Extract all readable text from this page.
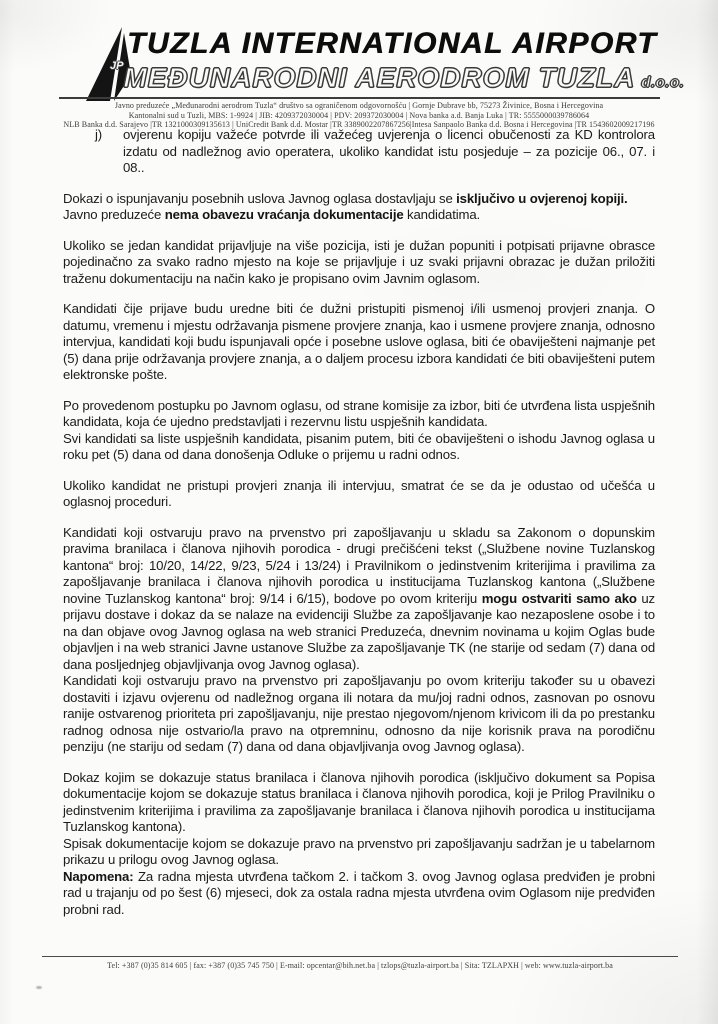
TUZLA INTERNATIONAL AIRPORT
$^{JP}$MEĐUNARODNI AERODROM TUZLA d.o.o.
Javno preduzeće „Međunarodni aerodrom Tuzla“ društvo sa ograničenom odgovornošću | Gornje Dubrave bb, 75273 Živinice, Bosna i Hercegovina
Kantonalni sud u Tuzli, MBS: 1-9924 | JIB: 4209372030004 | PDV: 209372030004 | Nova banka a.d. Banja Luka | TR: 5555000039786064
NLB Banka d.d. Sarajevo |TR 1321000309135613 | UniCredit Bank d.d. Mostar |TR 3389002207867256|Intesa Sanpaolo Banka d.d. Bosna i Hercegovina |TR 1543602009217196
j)	ovjerenu kopiju važeće potvrde ili važećeg uvjerenja o licenci obučenosti za KD kontrolora izdatu od nadležnog avio operatera, ukoliko kandidat istu posjeduje – za pozicije 06., 07. i 08..
Dokazi o ispunjavanju posebnih uslova Javnog oglasa dostavljaju se isključivo u ovjerenoj kopiji.
Javno preduzeće nema obavezu vraćanja dokumentacije kandidatima.
Ukoliko se jedan kandidat prijavljuje na više pozicija, isti je dužan popuniti i potpisati prijavne obrasce pojedinačno za svako radno mjesto na koje se prijavljuje i uz svaki prijavni obrazac je dužan priložiti traženu dokumentaciju na način kako je propisano ovim Javnim oglasom.
Kandidati čije prijave budu uredne biti će dužni pristupiti pismenoj i/ili usmenoj provjeri znanja. O datumu, vremenu i mjestu održavanja pismene provjere znanja, kao i usmene provjere znanja, odnosno intervjua, kandidati koji budu ispunjavali opće i posebne uslove oglasa, biti će obaviješteni najmanje pet (5) dana prije održavanja provjere znanja, a o daljem procesu izbora kandidati će biti obaviješteni putem elektronske pošte.
Po provedenom postupku po Javnom oglasu, od strane komisije za izbor, biti će utvrđena lista uspješnih kandidata, koja će ujedno predstavljati i rezervnu listu uspješnih kandidata.
Svi kandidati sa liste uspješnih kandidata, pisanim putem, biti će obaviješteni o ishodu Javnog oglasa u roku pet (5) dana od dana donošenja Odluke o prijemu u radni odnos.
Ukoliko kandidat ne pristupi provjeri znanja ili intervjuu, smatrat će se da je odustao od učešća u oglasnoj proceduri.
Kandidati koji ostvaruju pravo na prvenstvo pri zapošljavanju u skladu sa Zakonom o dopunskim pravima branilaca i članova njihovih porodica - drugi prečišćeni tekst („Službene novine Tuzlanskog kantona“ broj: 10/20, 14/22, 9/23, 5/24 i 13/24) i Pravilnikom o jedinstvenim kriterijima i pravilima za zapošljavanje branilaca i članova njihovih porodica u institucijama Tuzlanskog kantona („Službene novine Tuzlanskog kantona“ broj: 9/14 i 6/15), bodove po ovom kriteriju mogu ostvariti samo ako uz prijavu dostave i dokaz da se nalaze na evidenciji Službe za zapošljavanje kao nezaposlene osobe i to na dan objave ovog Javnog oglasa na web stranici Preduzeća, dnevnim novinama u kojim Oglas bude objavljen i na web stranici Javne ustanove Službe za zapošljavanje TK (ne starije od sedam (7) dana od dana posljednjeg objavljivanja ovog Javnog oglasa).
Kandidati koji ostvaruju pravo na prvenstvo pri zapošljavanju po ovom kriteriju također su u obavezi dostaviti i izjavu ovjerenu od nadležnog organa ili notara da mu/joj radni odnos, zasnovan po osnovu ranije ostvarenog prioriteta pri zapošljavanju, nije prestao njegovom/njenom krivicom ili da po prestanku radnog odnosa nije ostvario/la pravo na otpremninu, odnosno da nije korisnik prava na porodičnu penziju (ne stariju od sedam (7) dana od dana objavljivanja ovog Javnog oglasa).
Dokaz kojim se dokazuje status branilaca i članova njihovih porodica (isključivo dokument sa Popisa dokumentacije kojom se dokazuje status branilaca i članova njihovih porodica, koji je Prilog Pravilniku o jedinstvenim kriterijima i pravilima za zapošljavanje branilaca i članova njihovih porodica u institucijama Tuzlanskog kantona).
Spisak dokumentacije kojom se dokazuje pravo na prvenstvo pri zapošljavanju sadržan je u tabelarnom prikazu u prilogu ovog Javnog oglasa.
Napomena: Za radna mjesta utvrđena tačkom 2. i tačkom 3. ovog Javnog oglasa predviđen je probni rad u trajanju od po šest (6) mjeseci, dok za ostala radna mjesta utvrđena ovim Oglasom nije predviđen probni rad.
Tel: +387 (0)35 814 605 | fax: +387 (0)35 745 750 | E-mail: opcentar@bih.net.ba | tzlops@tuzla-airport.ba | Sita: TZLAPXH | web: www.tuzla-airport.ba
